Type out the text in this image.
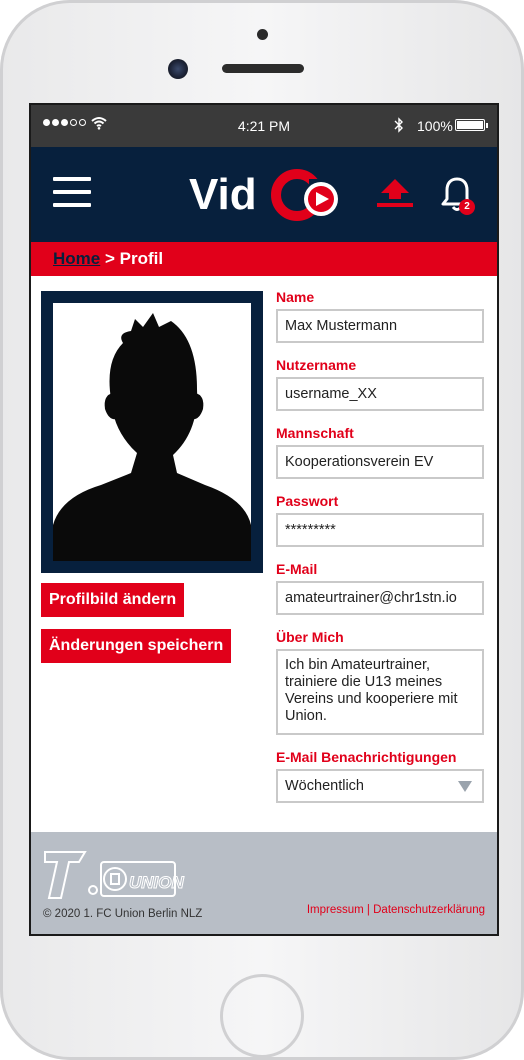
4:21 PM	100%
Vid	2
Home > Profil
Profilbild ändern
Änderungen speichern
Name
Max Mustermann
Nutzername
username_XX
Mannschaft
Kooperationsverein EV
Passwort
*********
E-Mail
amateurtrainer@chr1stn.io
Über Mich
Ich bin Amateurtrainer, trainiere die U13 meines Vereins und kooperiere mit Union.
E-Mail Benachrichtigungen
Wöchentlich
UNION
© 2020 1. FC Union Berlin NLZ	Impressum | Datenschutzerklärung
